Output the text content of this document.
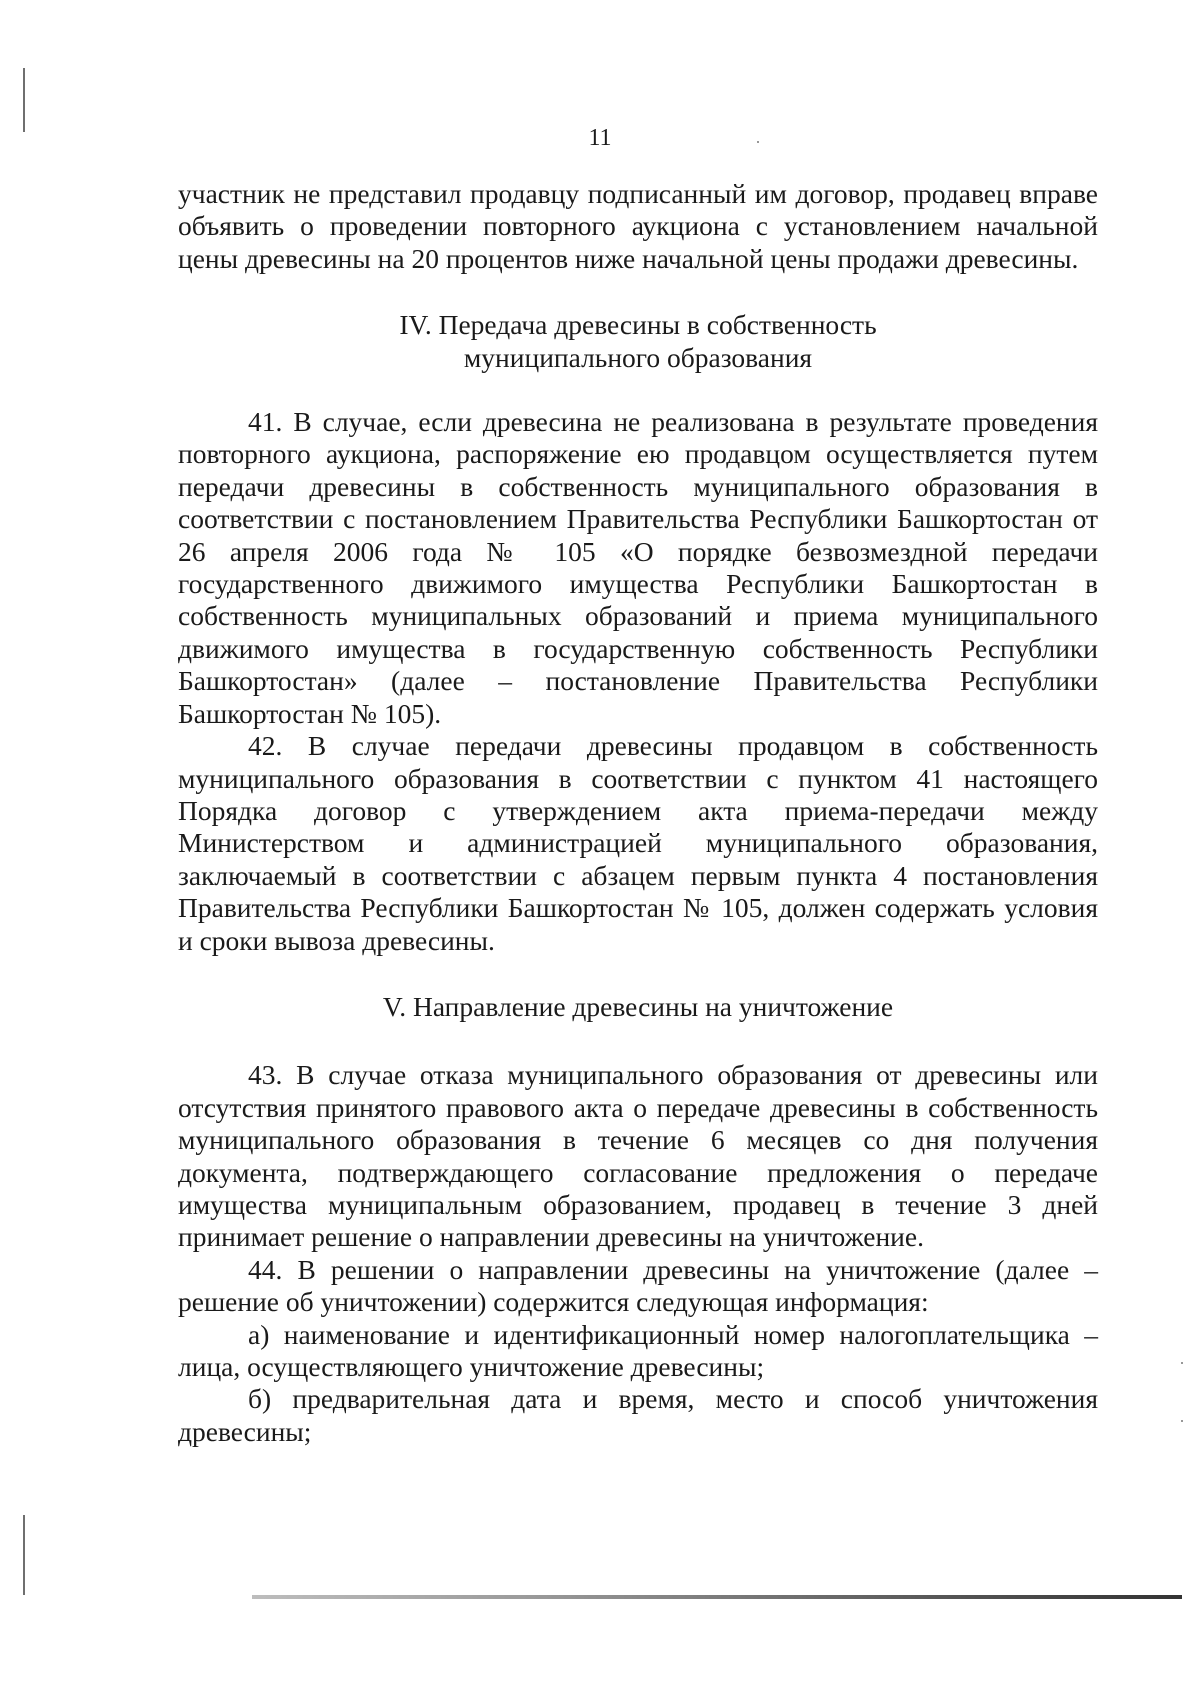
11

участник не представил продавцу подписанный им договор, продавец вправе объявить о проведении повторного аукциона с установлением начальной цены древесины на 20 процентов ниже начальной цены продажи древесины.

IV. Передача древесины в собственность
муниципального образования

41. В случае, если древесина не реализована в результате проведения повторного аукциона, распоряжение ею продавцом осуществляется путем передачи древесины в собственность муниципального образования в соответствии с постановлением Правительства Республики Башкортостан от 26 апреля 2006 года № 105 «О порядке безвозмездной передачи государственного движимого имущества Республики Башкортостан в собственность муниципальных образований и приема муниципального движимого имущества в государственную собственность Республики Башкортостан» (далее – постановление Правительства Республики Башкортостан № 105).

42. В случае передачи древесины продавцом в собственность муниципального образования в соответствии с пунктом 41 настоящего Порядка договор с утверждением акта приема-передачи между Министерством и администрацией муниципального образования, заключаемый в соответствии с абзацем первым пункта 4 постановления Правительства Республики Башкортостан № 105, должен содержать условия и сроки вывоза древесины.

V. Направление древесины на уничтожение

43. В случае отказа муниципального образования от древесины или отсутствия принятого правового акта о передаче древесины в собственность муниципального образования в течение 6 месяцев со дня получения документа, подтверждающего согласование предложения о передаче имущества муниципальным образованием, продавец в течение 3 дней принимает решение о направлении древесины на уничтожение.

44. В решении о направлении древесины на уничтожение (далее – решение об уничтожении) содержится следующая информация:

а) наименование и идентификационный номер налогоплательщика – лица, осуществляющего уничтожение древесины;

б) предварительная дата и время, место и способ уничтожения древесины;
